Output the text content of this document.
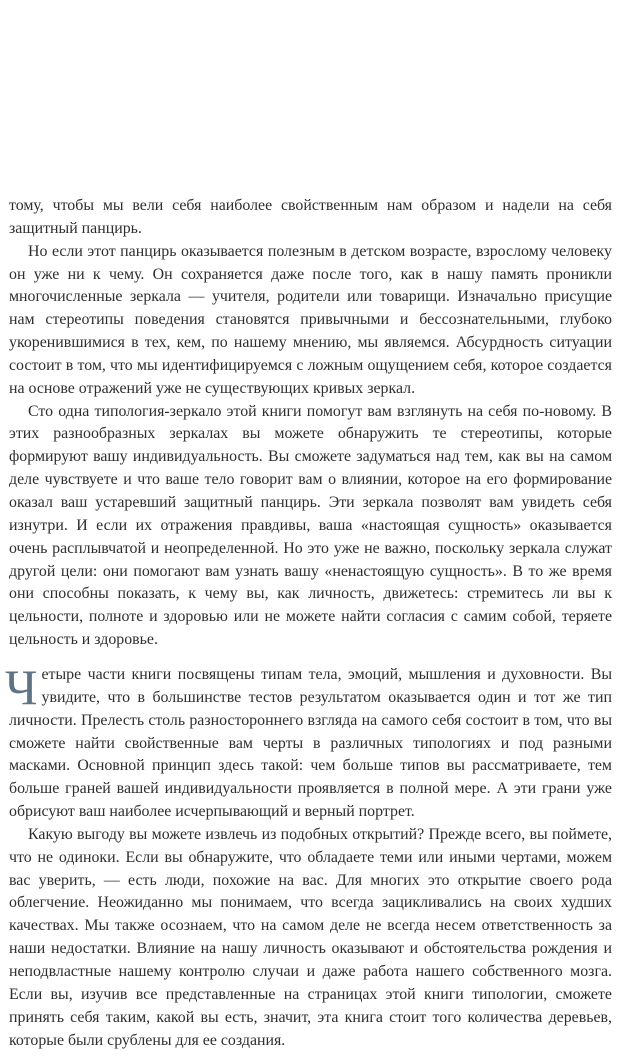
тому, чтобы мы вели себя наиболее свойственным нам образом и надели на себя защитный панцирь.

Но если этот панцирь оказывается полезным в детском возрасте, взрослому человеку он уже ни к чему. Он сохраняется даже после того, как в нашу память проникли многочисленные зеркала — учителя, родители или товарищи. Изначально присущие нам стереотипы поведения становятся привычными и бессознательными, глубоко укоренившимися в тех, кем, по нашему мнению, мы являемся. Абсурдность ситуации состоит в том, что мы идентифицируемся с ложным ощущением себя, которое создается на основе отражений уже не существующих кривых зеркал.

Сто одна типология-зеркало этой книги помогут вам взглянуть на себя по-новому. В этих разнообразных зеркалах вы можете обнаружить те стереотипы, которые формируют вашу индивидуальность. Вы сможете задуматься над тем, как вы на самом деле чувствуете и что ваше тело говорит вам о влиянии, которое на его формирование оказал ваш устаревший защитный панцирь. Эти зеркала позволят вам увидеть себя изнутри. И если их отражения правдивы, ваша «настоящая сущность» оказывается очень расплывчатой и неопределенной. Но это уже не важно, поскольку зеркала служат другой цели: они помогают вам узнать вашу «ненастоящую сущность». В то же время они способны показать, к чему вы, как личность, движетесь: стремитесь ли вы к цельности, полноте и здоровью или не можете найти согласия с самим собой, теряете цельность и здоровье.

Четыре части книги посвящены типам тела, эмоций, мышления и духовности. Вы увидите, что в большинстве тестов результатом оказывается один и тот же тип личности. Прелесть столь разностороннего взгляда на самого себя состоит в том, что вы сможете найти свойственные вам черты в различных типологиях и под разными масками. Основной принцип здесь такой: чем больше типов вы рассматриваете, тем больше граней вашей индивидуальности проявляется в полной мере. А эти грани уже обрисуют ваш наиболее исчерпывающий и верный портрет.

Какую выгоду вы можете извлечь из подобных открытий? Прежде всего, вы поймете, что не одиноки. Если вы обнаружите, что обладаете теми или иными чертами, можем вас уверить, — есть люди, похожие на вас. Для многих это открытие своего рода облегчение. Неожиданно мы понимаем, что всегда зацикливались на своих худших качествах. Мы также осознаем, что на самом деле не всегда несем ответственность за наши недостатки. Влияние на нашу личность оказывают и обстоятельства рождения и неподвластные нашему контролю случаи и даже работа нашего собственного мозга. Если вы, изучив все представленные на страницах этой книги типологии, сможете принять себя таким, какой вы есть, значит, эта книга стоит того количества деревьев, которые были срублены для ее создания.
